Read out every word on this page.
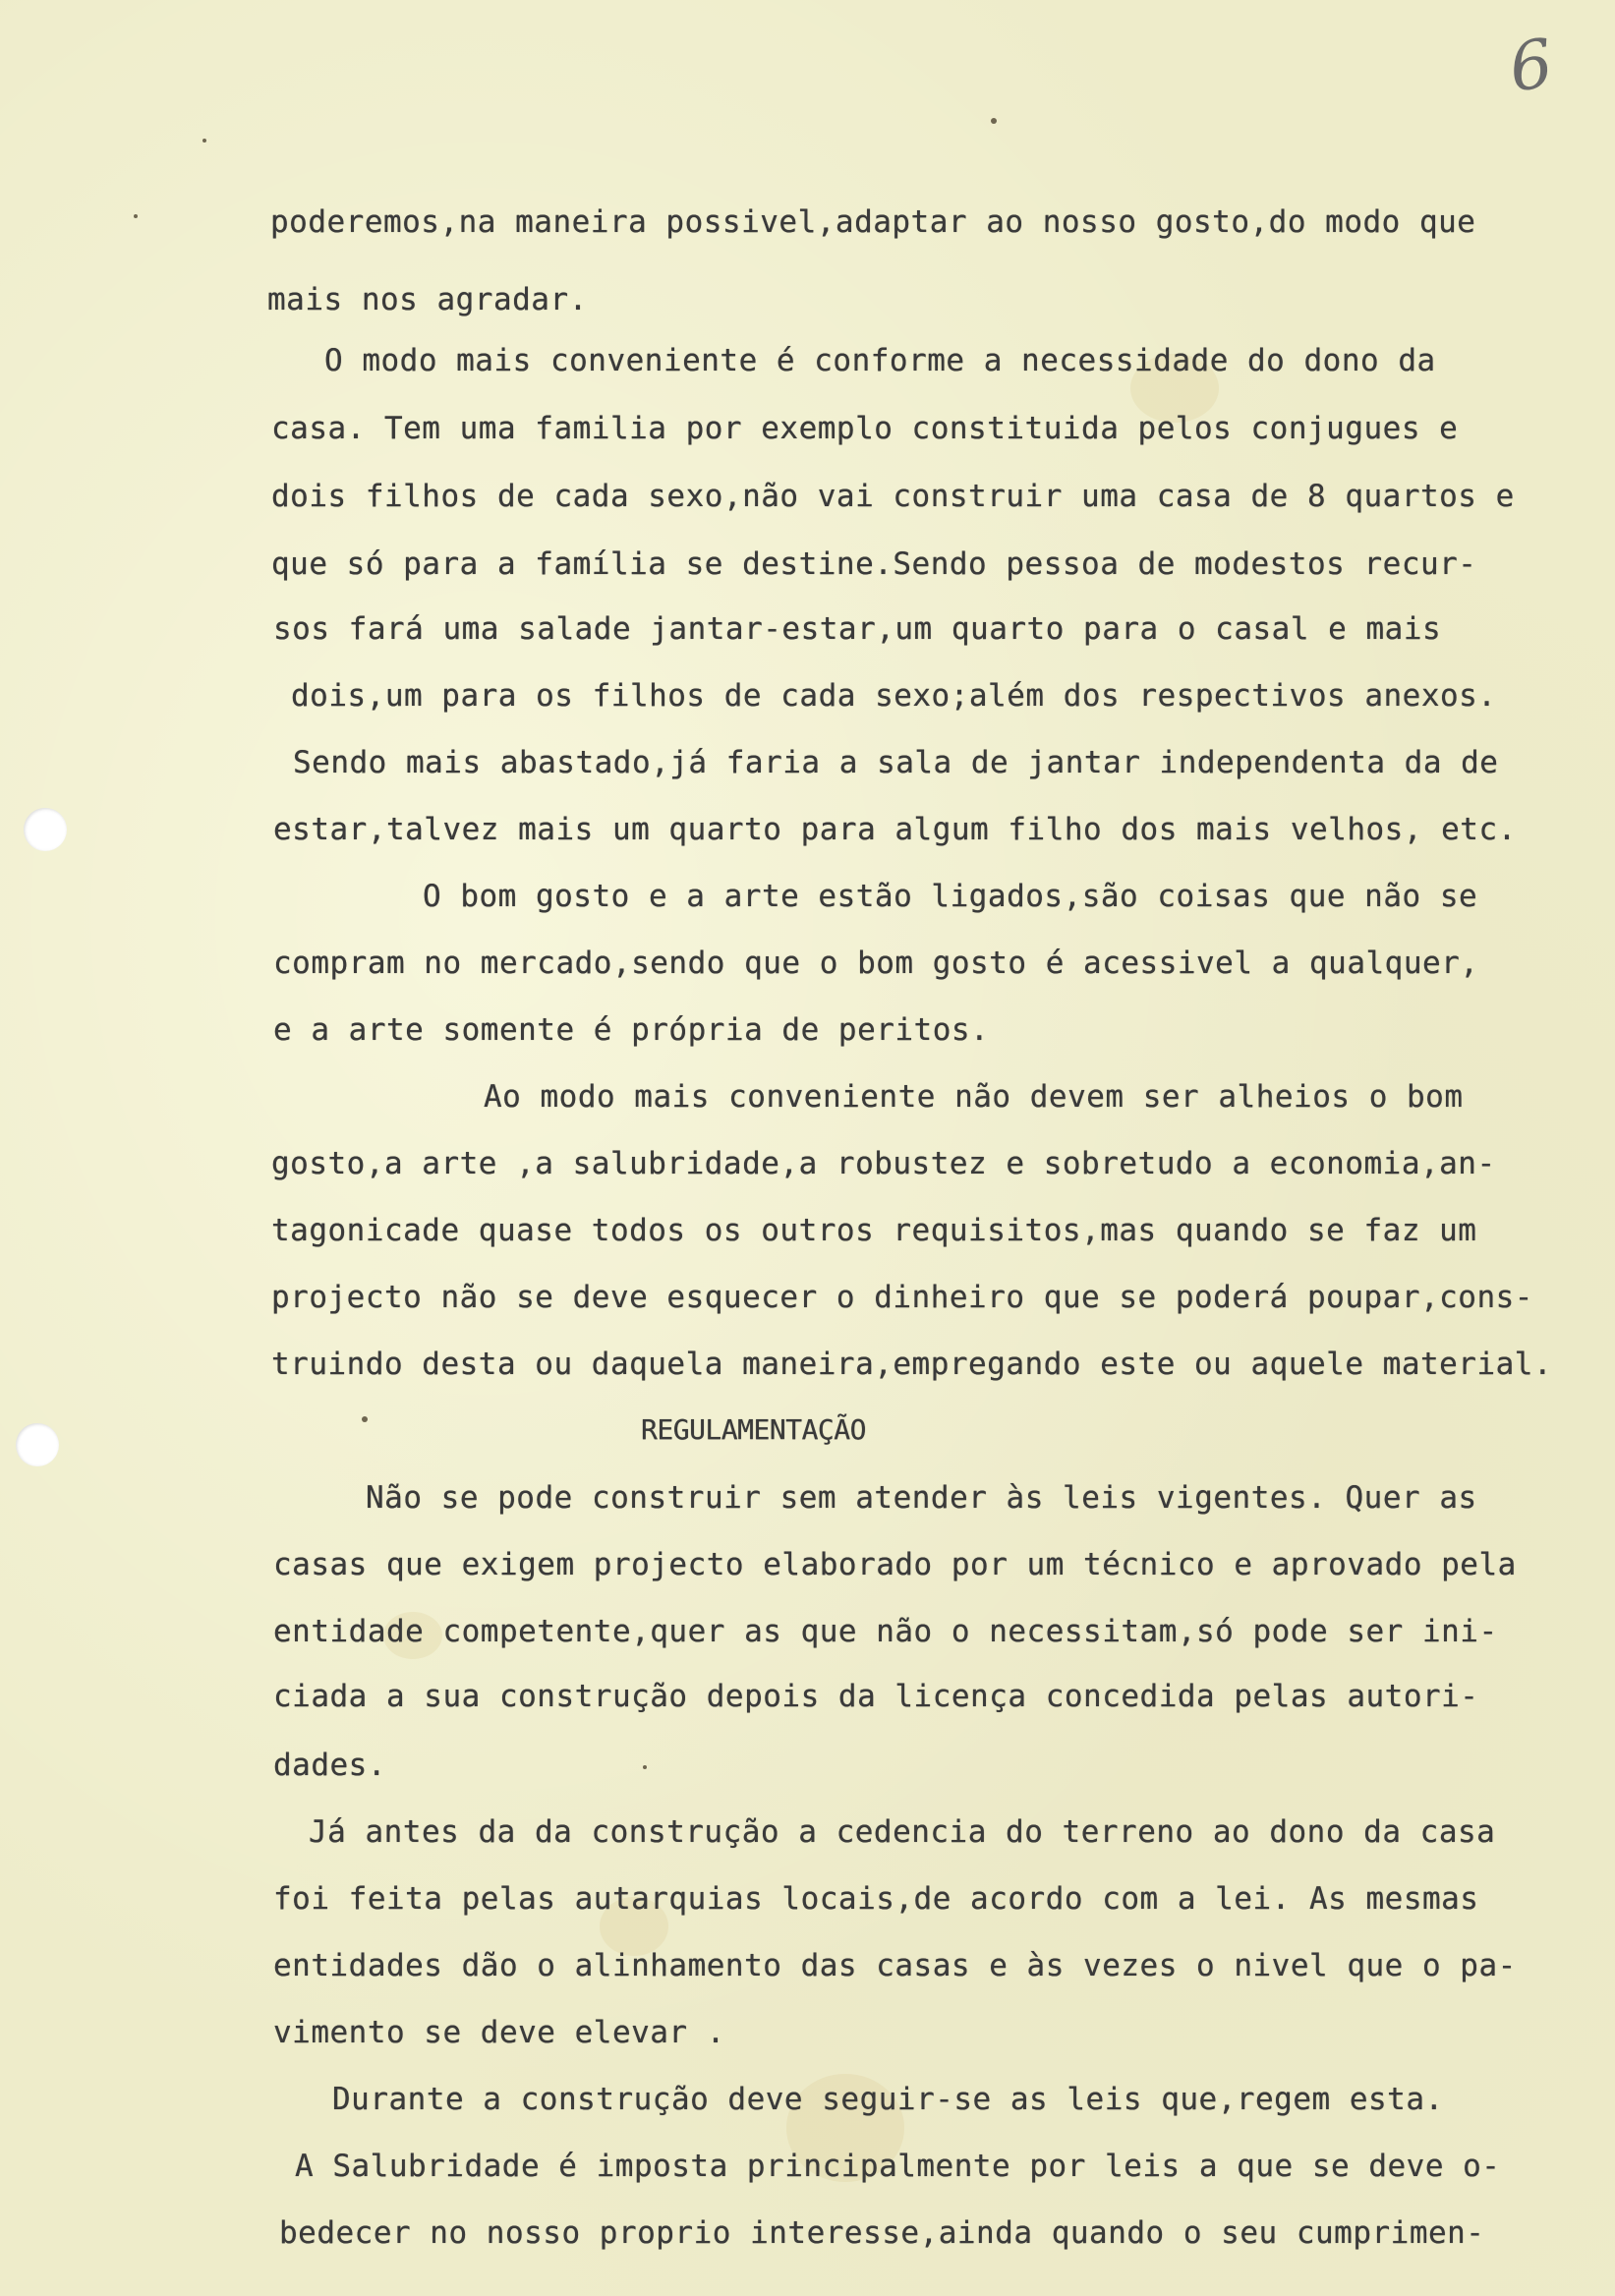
6

poderemos,na maneira possivel,adaptar ao nosso gosto,do modo que

mais nos agradar.

O modo mais conveniente é conforme a necessidade do dono da

casa. Tem uma familia por exemplo constituida pelos conjugues e

dois filhos de cada sexo,não vai construir uma casa de 8 quartos e

que só para a família se destine.Sendo pessoa de modestos recur-

sos fará uma salade jantar-estar,um quarto para o casal e mais

dois,um para os filhos de cada sexo;além dos respectivos anexos.

Sendo mais abastado,já faria a sala de jantar independenta da de

estar,talvez mais um quarto para algum filho dos mais velhos, etc.

O bom gosto e a arte estão ligados,são coisas que não se

compram no mercado,sendo que o bom gosto é acessivel a qualquer,

e a arte somente é própria de peritos.

Ao modo mais conveniente não devem ser alheios o bom

gosto,a arte ,a salubridade,a robustez e sobretudo a economia,an-

tagonicade quase todos os outros requisitos,mas quando se faz um

projecto não se deve esquecer o dinheiro que se poderá poupar,cons-

truindo desta ou daquela maneira,empregando este ou aquele material.

REGULAMENTAÇÃO

Não se pode construir sem atender às leis vigentes. Quer as

casas que exigem projecto elaborado por um técnico e aprovado pela

entidade competente,quer as que não o necessitam,só pode ser ini-

ciada a sua construção depois da licença concedida pelas autori-

dades.

Já antes da da construção a cedencia do terreno ao dono da casa

foi feita pelas autarquias locais,de acordo com a lei. As mesmas

entidades dão o alinhamento das casas e às vezes o nivel que o pa-

vimento se deve elevar .

Durante a construção deve seguir-se as leis que,regem esta.

A Salubridade é imposta principalmente por leis a que se deve o-

bedecer no nosso proprio interesse,ainda quando o seu cumprimen-
